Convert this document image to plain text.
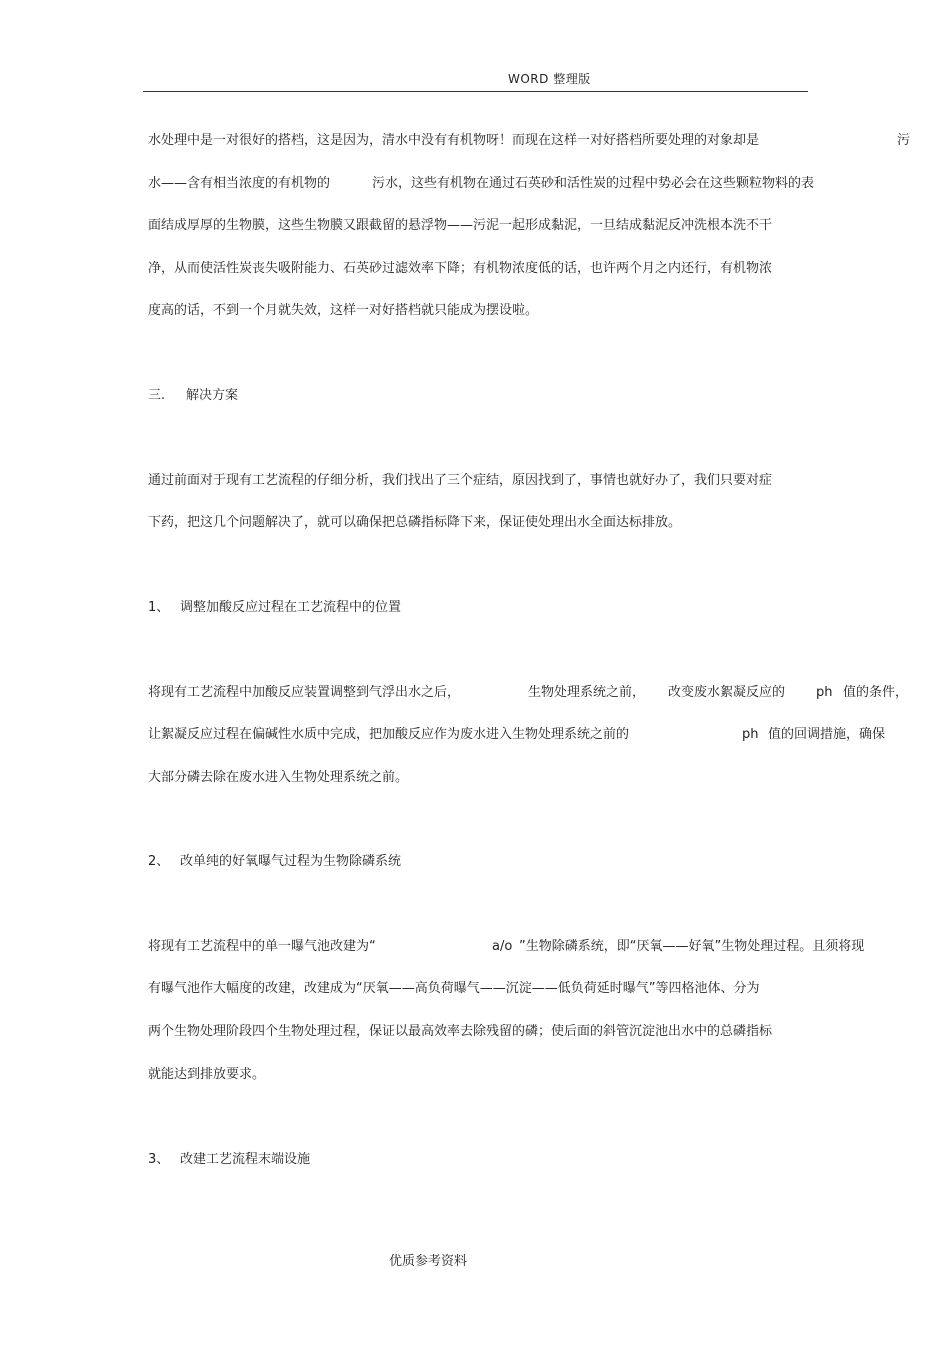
WORD 整理版
水处理中是一对很好的搭档，这是因为，清水中没有有机物呀！而现在这样一对好搭档所要处理的对象却是	污
水——含有相当浓度的有机物的	污水，这些有机物在通过石英砂和活性炭的过程中势必会在这些颗粒物料的表
面结成厚厚的生物膜，这些生物膜又跟截留的悬浮物——污泥一起形成黏泥，一旦结成黏泥反冲洗根本洗不干
净，从而使活性炭丧失吸附能力、石英砂过滤效率下降；有机物浓度低的话，也许两个月之内还行，有机物浓
度高的话，不到一个月就失效，这样一对好搭档就只能成为摆设啦。
三. 解决方案
通过前面对于现有工艺流程的仔细分析，我们找出了三个症结，原因找到了，事情也就好办了，我们只要对症
下药，把这几个问题解决了，就可以确保把总磷指标降下来，保证使处理出水全面达标排放。
1、 调整加酸反应过程在工艺流程中的位置
将现有工艺流程中加酸反应装置调整到气浮出水之后，	生物处理系统之前， 改变废水絮凝反应的 ph 值的条件，
让絮凝反应过程在偏碱性水质中完成，把加酸反应作为废水进入生物处理系统之前的	ph 值的回调措施，确保
大部分磷去除在废水进入生物处理系统之前。
2、 改单纯的好氧曝气过程为生物除磷系统
将现有工艺流程中的单一曝气池改建为“	a/o ”生物除磷系统，即“厌氧——好氧”生物处理过程。且须将现
有曝气池作大幅度的改建，改建成为“厌氧——高负荷曝气——沉淀——低负荷延时曝气”等四格池体、分为
两个生物处理阶段四个生物处理过程，保证以最高效率去除残留的磷；使后面的斜管沉淀池出水中的总磷指标
就能达到排放要求。
3、 改建工艺流程末端设施
优质参考资料
